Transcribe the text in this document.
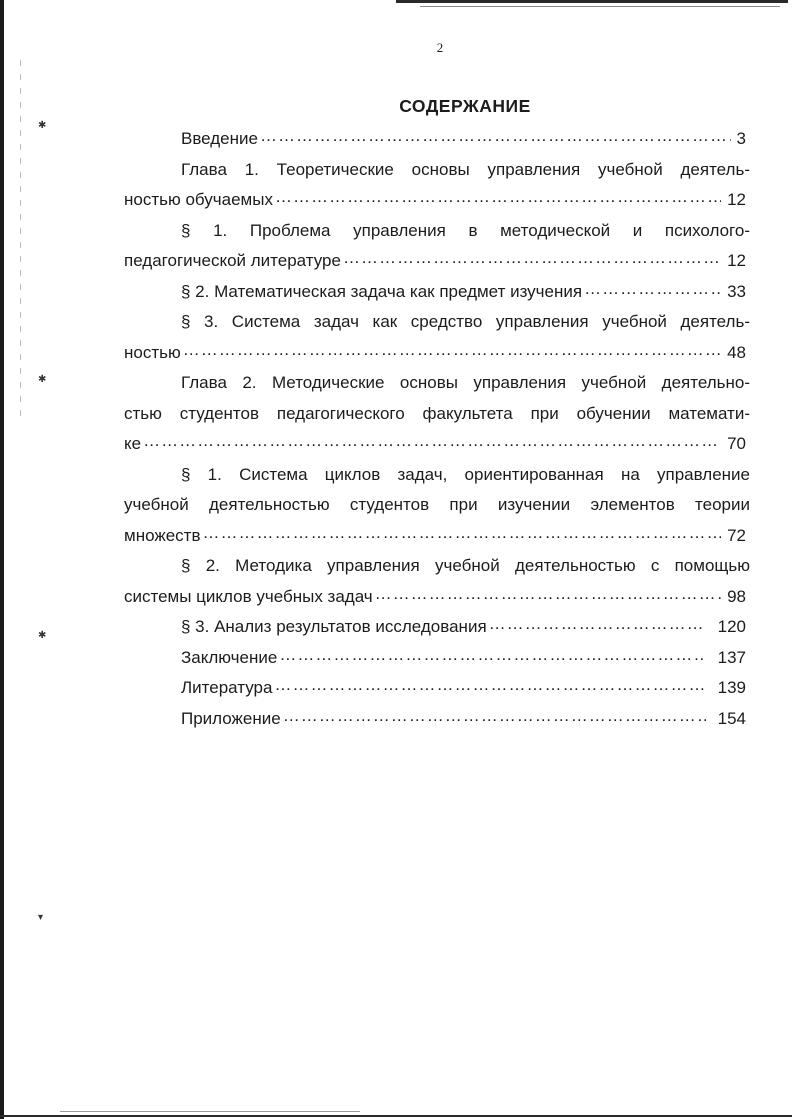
✱
✱
✱
▾
2
СОДЕРЖАНИЕ
Введение ………………………………………………………………………………………………………………………………………………………………	3
Глава 1. Теоретические основы управления учебной деятель-
ностью обучаемых ………………………………………………………………………………………………………………………………………………………………	12
§ 1. Проблема управления в методической и психолого-
педагогической литературе ………………………………………………………………………………………………………………………………………………………………	12
§ 2. Математическая задача как предмет изучения ………………………………………………………………………………………………………………………………………………………………	33
§ 3. Система задач как средство управления учебной деятель-
ностью ………………………………………………………………………………………………………………………………………………………………	48
Глава 2. Методические основы управления учебной деятельно-
стью студентов педагогического факультета при обучении математи-
ке ………………………………………………………………………………………………………………………………………………………………	70
§ 1. Система циклов задач, ориентированная на управление
учебной деятельностью студентов при изучении элементов теории
множеств ………………………………………………………………………………………………………………………………………………………………	72
§ 2. Методика управления учебной деятельностью с помощью
системы циклов учебных задач ………………………………………………………………………………………………………………………………………………………………	98
§ 3. Анализ результатов исследования ………………………………………………………………………………………………………………………………………………………………	120
Заключение ………………………………………………………………………………………………………………………………………………………………	137
Литература ………………………………………………………………………………………………………………………………………………………………	139
Приложение ………………………………………………………………………………………………………………………………………………………………	154
